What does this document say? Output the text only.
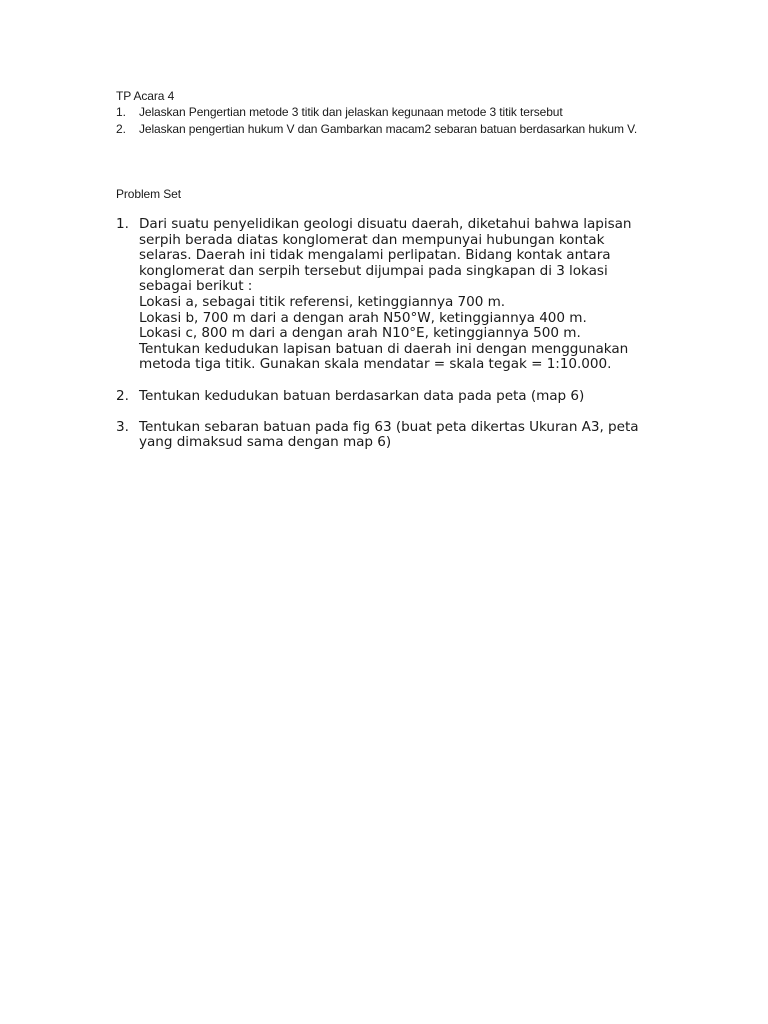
TP Acara 4

1.	Jelaskan Pengertian metode 3 titik dan jelaskan kegunaan metode 3 titik tersebut
2.	Jelaskan pengertian hukum V dan Gambarkan macam2 sebaran batuan berdasarkan hukum V.

Problem Set

1. Dari suatu penyelidikan geologi disuatu daerah, diketahui bahwa lapisan
serpih berada diatas konglomerat dan mempunyai hubungan kontak
selaras. Daerah ini tidak mengalami perlipatan. Bidang kontak antara
konglomerat dan serpih tersebut dijumpai pada singkapan di 3 lokasi
sebagai berikut :
Lokasi a, sebagai titik referensi, ketinggiannya 700 m.
Lokasi b, 700 m dari a dengan arah N50°W, ketinggiannya 400 m.
Lokasi c, 800 m dari a dengan arah N10°E, ketinggiannya 500 m.
Tentukan kedudukan lapisan batuan di daerah ini dengan menggunakan
metoda tiga titik. Gunakan skala mendatar = skala tegak = 1:10.000.
2. Tentukan kedudukan batuan berdasarkan data pada peta (map 6)
3. Tentukan sebaran batuan pada fig 63 (buat peta dikertas Ukuran A3, peta
yang dimaksud sama dengan map 6)
